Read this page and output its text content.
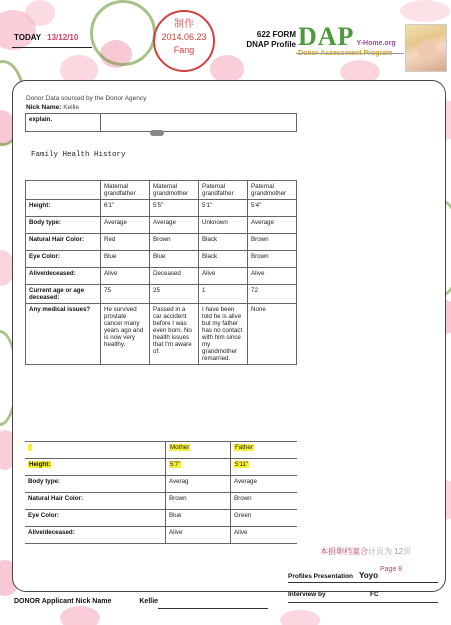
TODAY 13/12/10
制作
2014.06.23
Fang
622 FORM
DNAP Profile DAP Y-Home.org
Donor Assessment Program
Donor Data sourced by the Donor Agency
Nick Name: Kellie
explain.	
Family Health History
	Maternal grandfather	Maternal grandmother	Paternal grandfather	Paternal grandmother
Height:	6'1"	5'5"	5'1"	5'4"
Body type:	Average	Average	Unknown	Average
Natural Hair Color:	Red	Brown	Black	Brown
Eye Color:	Blue	Blue	Black	Brown
Alive/deceased:	Alive	Deceased	Alive	Alive
Current age or age deceased:	75	25	1	72
Any medical issues?	He survived prostate cancer many years ago and is now very healthy.	Passed in a car accident before I was even born. No health issues that I'm aware of.	I have been told he is alive but my father has no contact with him since my grandmother remarried.	None
		Mother	Father
Height:		5'7"	5'11"
Body type:		Averag	Average
Natural Hair Color:		Brown	Brown
Eye Color:		Blue	Green
Alive/deceased:		Alive	Alive
本捐卵档案合计页为 12页
Profiles Presentation Yoyo
Page 8
Interview by	FC
DONOR Applicant Nick Name	Kellie
